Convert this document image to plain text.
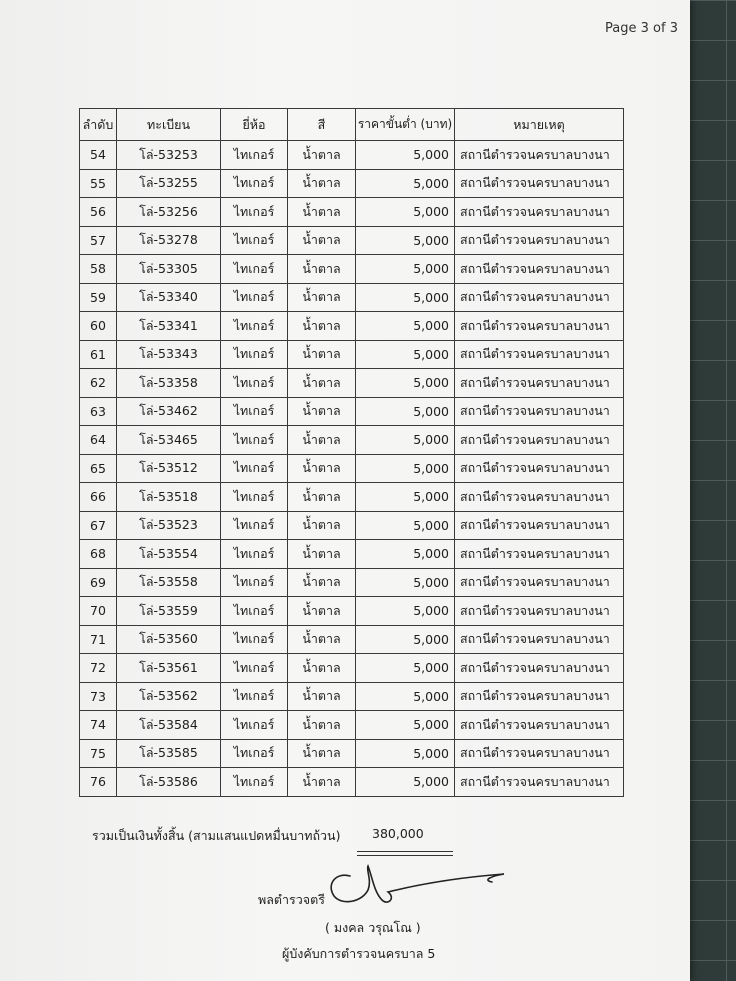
Page 3 of 3
ลำดับ	ทะเบียน	ยี่ห้อ	สี	ราคาขั้นต่ำ (บาท)	หมายเหตุ
54	โล่-53253	ไทเกอร์	น้ำตาล	5,000	สถานีตำรวจนครบาลบางนา
55	โล่-53255	ไทเกอร์	น้ำตาล	5,000	สถานีตำรวจนครบาลบางนา
56	โล่-53256	ไทเกอร์	น้ำตาล	5,000	สถานีตำรวจนครบาลบางนา
57	โล่-53278	ไทเกอร์	น้ำตาล	5,000	สถานีตำรวจนครบาลบางนา
58	โล่-53305	ไทเกอร์	น้ำตาล	5,000	สถานีตำรวจนครบาลบางนา
59	โล่-53340	ไทเกอร์	น้ำตาล	5,000	สถานีตำรวจนครบาลบางนา
60	โล่-53341	ไทเกอร์	น้ำตาล	5,000	สถานีตำรวจนครบาลบางนา
61	โล่-53343	ไทเกอร์	น้ำตาล	5,000	สถานีตำรวจนครบาลบางนา
62	โล่-53358	ไทเกอร์	น้ำตาล	5,000	สถานีตำรวจนครบาลบางนา
63	โล่-53462	ไทเกอร์	น้ำตาล	5,000	สถานีตำรวจนครบาลบางนา
64	โล่-53465	ไทเกอร์	น้ำตาล	5,000	สถานีตำรวจนครบาลบางนา
65	โล่-53512	ไทเกอร์	น้ำตาล	5,000	สถานีตำรวจนครบาลบางนา
66	โล่-53518	ไทเกอร์	น้ำตาล	5,000	สถานีตำรวจนครบาลบางนา
67	โล่-53523	ไทเกอร์	น้ำตาล	5,000	สถานีตำรวจนครบาลบางนา
68	โล่-53554	ไทเกอร์	น้ำตาล	5,000	สถานีตำรวจนครบาลบางนา
69	โล่-53558	ไทเกอร์	น้ำตาล	5,000	สถานีตำรวจนครบาลบางนา
70	โล่-53559	ไทเกอร์	น้ำตาล	5,000	สถานีตำรวจนครบาลบางนา
71	โล่-53560	ไทเกอร์	น้ำตาล	5,000	สถานีตำรวจนครบาลบางนา
72	โล่-53561	ไทเกอร์	น้ำตาล	5,000	สถานีตำรวจนครบาลบางนา
73	โล่-53562	ไทเกอร์	น้ำตาล	5,000	สถานีตำรวจนครบาลบางนา
74	โล่-53584	ไทเกอร์	น้ำตาล	5,000	สถานีตำรวจนครบาลบางนา
75	โล่-53585	ไทเกอร์	น้ำตาล	5,000	สถานีตำรวจนครบาลบางนา
76	โล่-53586	ไทเกอร์	น้ำตาล	5,000	สถานีตำรวจนครบาลบางนา
รวมเป็นเงินทั้งสิ้น (สามแสนแปดหมื่นบาทถ้วน)	380,000
พลตำรวจตรี
( มงคล วรุณโณ )
ผู้บังคับการตำรวจนครบาล 5
